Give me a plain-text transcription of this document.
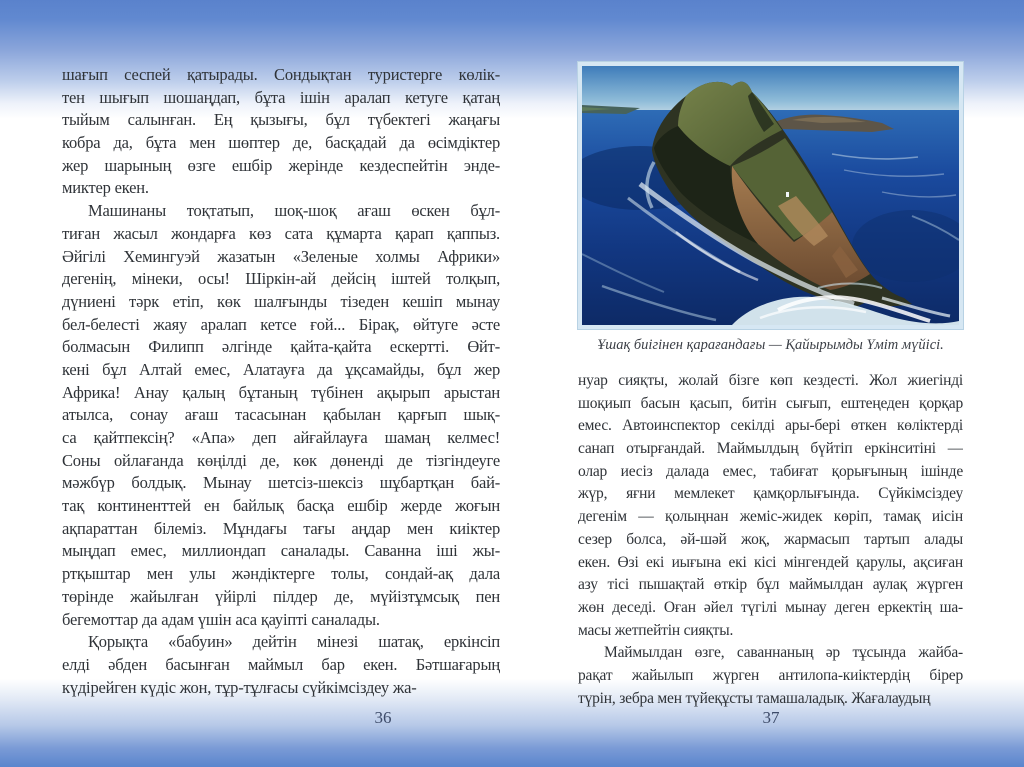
шағып сеспей қатырады. Сондықтан туристерге көлік-
тен шығып шошаңдап, бұта ішін аралап кетуге қатаң
тыйым салынған. Ең қызығы, бұл түбектегі жаңағы
кобра да, бұта мен шөптер де, басқадай да өсімдіктер
жер шарының өзге ешбір жерінде кездеспейтін энде-
миктер екен.
Машинаны тоқтатып, шоқ-шоқ ағаш өскен бұл-
тиған жасыл жондарға көз сата құмарта қарап қаппыз.
Әйгілі Хемингуэй жазатын «Зеленые холмы Африки»
дегенің, мінеки, осы! Шіркін-ай дейсің іштей толқып,
дүниені тәрк етіп, көк шалғынды тізеден кешіп мынау
бел-белесті жаяу аралап кетсе ғой... Бірақ, өйтуге әсте
болмасын Филипп әлгінде қайта-қайта ескертті. Өйт-
кені бұл Алтай емес, Алатауға да ұқсамайды, бұл жер
Африка! Анау қалың бұтаның түбінен ақырып арыстан
атылса, сонау ағаш тасасынан қабылан қарғып шық-
са қайтпексің? «Апа» деп айғайлауға шамаң келмес!
Соны ойлағанда көңілді де, көк дөненді де тізгіндеуге
мәжбүр болдық. Мынау шетсіз-шексіз шұбартқан бай-
тақ континенттей ен байлық басқа ешбір жерде жоғын
ақпараттан білеміз. Мұндағы тағы аңдар мен киіктер
мыңдап емес, миллиондап саналады. Саванна іші жы-
ртқыштар мен улы жәндіктерге толы, сондай-ақ дала
төрінде жайылған үйірлі пілдер де, мүйізтұмсық пен
бегемоттар да адам үшін аса қауіпті саналады.
Қорықта «бабуин» дейтін мінезі шатақ, еркінсіп
елді әбден басынған маймыл бар екен. Бәтшағарың
күдірейген күдіс жон, тұр-тұлғасы сүйкімсіздеу жа-
Ұшақ биігінен қарағандағы — Қайырымды Үміт мүйісі.
нуар сияқты, жолай бізге көп кездесті. Жол жиегінді
шоқиып басын қасып, битін сығып, ештеңеден қорқар
емес. Автоинспектор секілді ары-бері өткен көліктерді
санап отырғандай. Маймылдың бүйтіп еркінситіні —
олар иесіз далада емес, табиғат қорығының ішінде
жүр, яғни мемлекет қамқорлығында. Сүйкімсіздеу
дегенім — қолыңнан жеміс-жидек көріп, тамақ иісін
сезер болса, әй-шәй жоқ, жармасып тартып алады
екен. Өзі екі иығына екі кісі мінгендей қарулы, ақсиған
азу тісі пышақтай өткір бұл маймылдан аулақ жүрген
жөн деседі. Оған әйел түгілі мынау деген еркектің ша-
масы жетпейтін сияқты.
Маймылдан өзге, саваннаның әр тұсында жайба-
рақат жайылып жүрген антилопа-киіктердің бірер
түрін, зебра мен түйеқұсты тамашаладық. Жағалаудың
36	37
